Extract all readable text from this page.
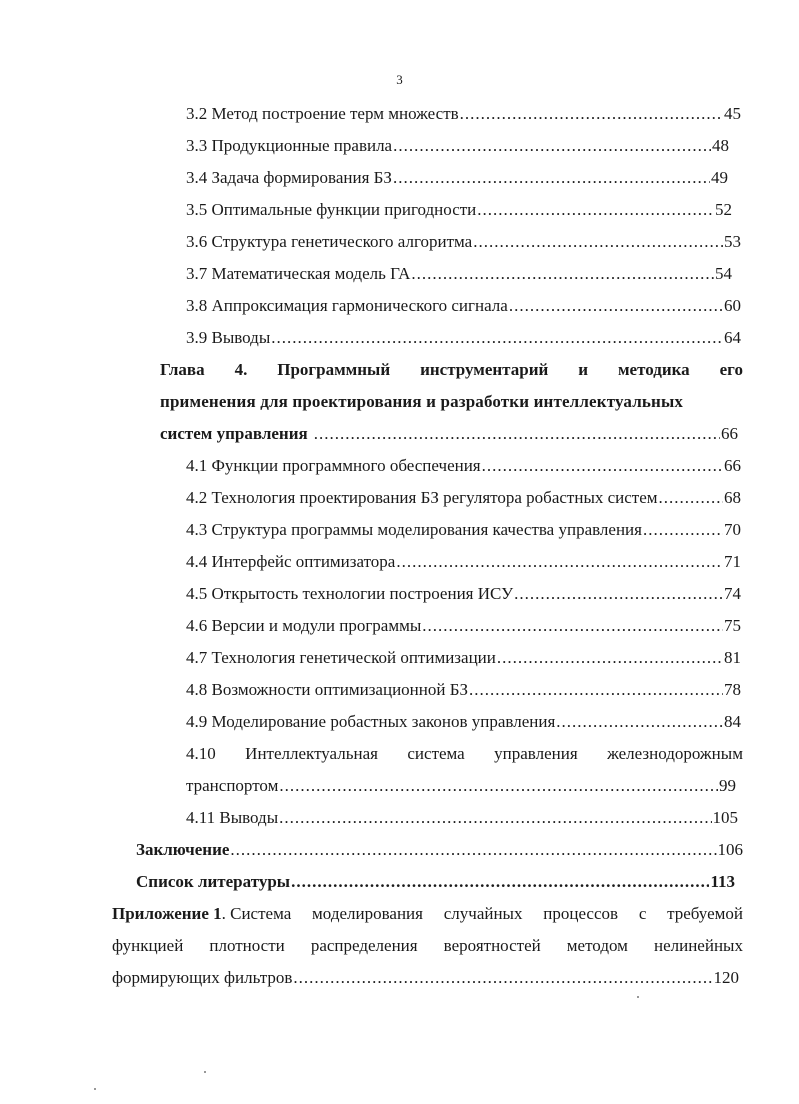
3
3.2 Метод построение терм множеств .....	45
3.3 Продукционные правила .....	48
3.4 Задача формирования БЗ .....	49
3.5 Оптимальные функции пригодности .....	52
3.6 Структура генетического алгоритма .....	53
3.7 Математическая модель ГА .....	54
3.8 Аппроксимация гармонического сигнала .....	60
3.9 Выводы .....	64
Глава 4. Программный инструментарий и методика его
применения для проектирования и разработки интеллектуальных
систем управления .....	66
4.1 Функции программного обеспечения .....	66
4.2 Технология проектирования БЗ регулятора робастных систем .....	68
4.3 Структура программы моделирования качества управления .....	70
4.4 Интерфейс оптимизатора .....	71
4.5 Открытость технологии построения ИСУ .....	74
4.6 Версии и модули программы .....	75
4.7 Технология генетической оптимизации .....	81
4.8 Возможности оптимизационной БЗ .....	78
4.9 Моделирование робастных законов управления .....	84
4.10 Интеллектуальная система управления железнодорожным
транспортом .....	99
4.11 Выводы .....	105
Заключение .....	106
Список литературы .....	113
Приложение 1. Система моделирования случайных процессов с требуемой
функцией плотности распределения вероятностей методом нелинейных
формирующих фильтров .....	120
